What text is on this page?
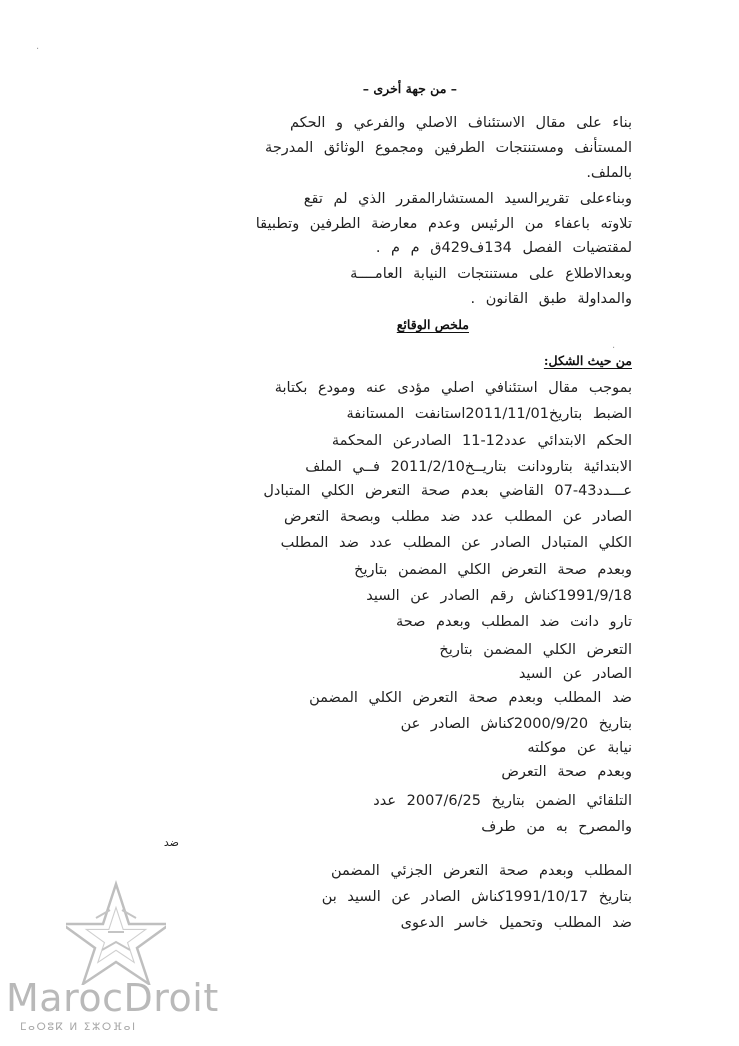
– من جهة أخرى –
بناء على مقال الاستئناف الاصلي والفرعي و الحكم
المستأنف ومستنتجات الطرفين ومجموع الوثائق المدرجة
بالملف.
وبناءعلى تقريرالسيد المستشارالمقرر الذي لم تقع
تلاوته باعفاء من الرئيس وعدم معارضة الطرفين وتطبيقا
لمقتضيات الفصل 134ف429ق م م .
وبعدالاطلاع على مستنتجات النيابة العامــــة
والمداولة طبق القانون .
ملخص الوقائع
من حيث الشكل:
بموجب مقال استئنافي اصلي مؤدى عنه ومودع بكتابة
الضبط بتاريخ2011/11/01استانفت المستانفة
الحكم الابتدائي عدد12-11 الصادرعن المحكمة
الابتدائية بتارودانت بتاريــخ2011/2/10 فــي الملف
عـــدد43-07 القاضي بعدم صحة التعرض الكلي المتبادل
الصادر عن المطلب عدد ضد مطلب وبصحة التعرض
الكلي المتبادل الصادر عن المطلب عدد ضد المطلب
وبعدم صحة التعرض الكلي المضمن بتاريخ
1991/9/18كناش رقم الصادر عن السيد
تارو دانت ضد المطلب وبعدم صحة
التعرض الكلي المضمن بتاريخ
الصادر عن السيد
ضد المطلب وبعدم صحة التعرض الكلي المضمن
بتاريخ 2000/9/20كناش الصادر عن
نيابة عن موكلته
وبعدم صحة التعرض
التلقائي الضمن بتاريخ 2007/6/25 عدد
والمصرح به من طرف
ضد
المطلب وبعدم صحة التعرض الجزئي المضمن
بتاريخ 1991/10/17كناش الصادر عن السيد بن
ضد المطلب وتحميل خاسر الدعوى
·
.
MarocDroit
ⵎⴰⵔⵓⴽ ⵍ ⵉⵣⵔⴼⴰⵏ
